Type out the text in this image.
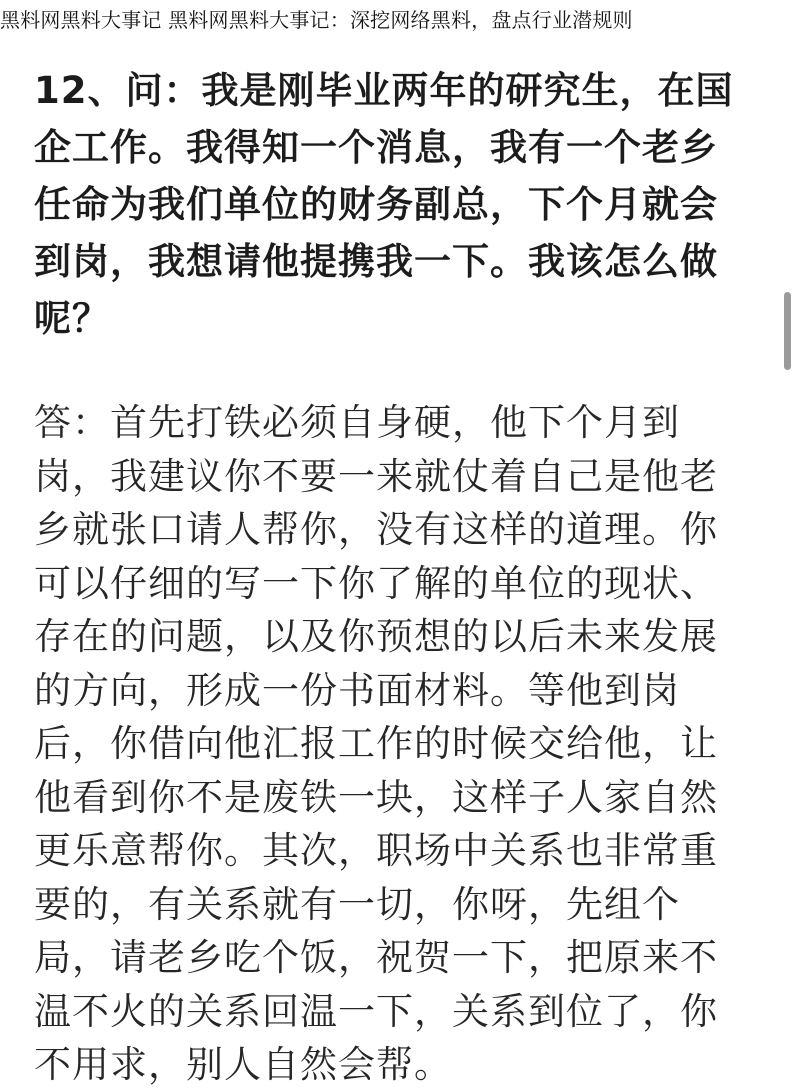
黑料网黑料大事记 黑料网黑料大事记：深挖网络黑料，盘点行业潜规则

12、问：我是刚毕业两年的研究生，在国企工作。我得知一个消息，我有一个老乡任命为我们单位的财务副总，下个月就会到岗，我想请他提携我一下。我该怎么做呢？

答：首先打铁必须自身硬，他下个月到岗，我建议你不要一来就仗着自己是他老乡就张口请人帮你，没有这样的道理。你可以仔细的写一下你了解的单位的现状、存在的问题，以及你预想的以后未来发展的方向，形成一份书面材料。等他到岗后，你借向他汇报工作的时候交给他，让他看到你不是废铁一块，这样子人家自然更乐意帮你。其次，职场中关系也非常重要的，有关系就有一切，你呀，先组个局，请老乡吃个饭，祝贺一下，把原来不温不火的关系回温一下，关系到位了，你不用求，别人自然会帮。
